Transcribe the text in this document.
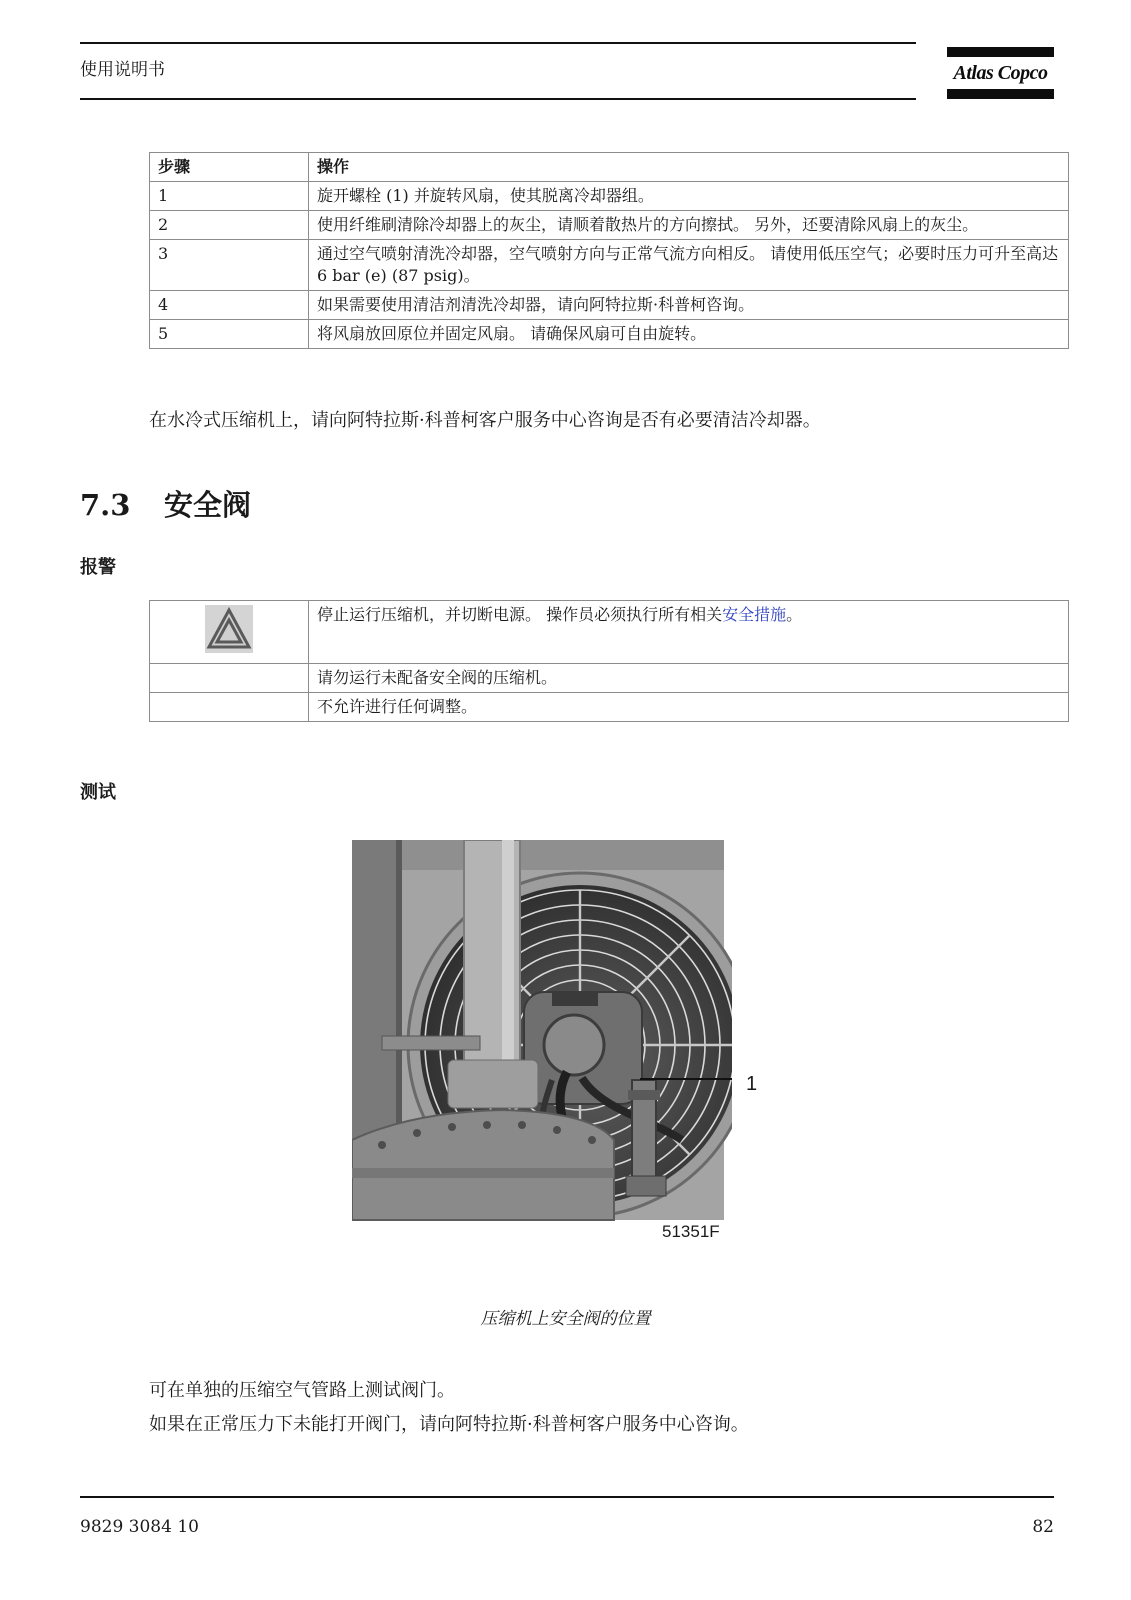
使用说明书	Atlas Copco
步骤	操作
1	旋开螺栓 (1) 并旋转风扇，使其脱离冷却器组。
2	使用纤维刷清除冷却器上的灰尘，请顺着散热片的方向擦拭。 另外，还要清除风扇上的灰尘。
3	通过空气喷射清洗冷却器，空气喷射方向与正常气流方向相反。 请使用低压空气；必要时压力可升至高达 6 bar (e) (87 psig)。
4	如果需要使用清洁剂清洗冷却器，请向阿特拉斯·科普柯咨询。
5	将风扇放回原位并固定风扇。 请确保风扇可自由旋转。

在水冷式压缩机上，请向阿特拉斯·科普柯客户服务中心咨询是否有必要清洁冷却器。

7.3 安全阀
报警
	停止运行压缩机，并切断电源。 操作员必须执行所有相关安全措施。
	请勿运行未配备安全阀的压缩机。
	不允许进行任何调整。
测试
1
51351F
压缩机上安全阀的位置

可在单独的压缩空气管路上测试阀门。

如果在正常压力下未能打开阀门，请向阿特拉斯·科普柯客户服务中心咨询。

9829 3084 10	82
